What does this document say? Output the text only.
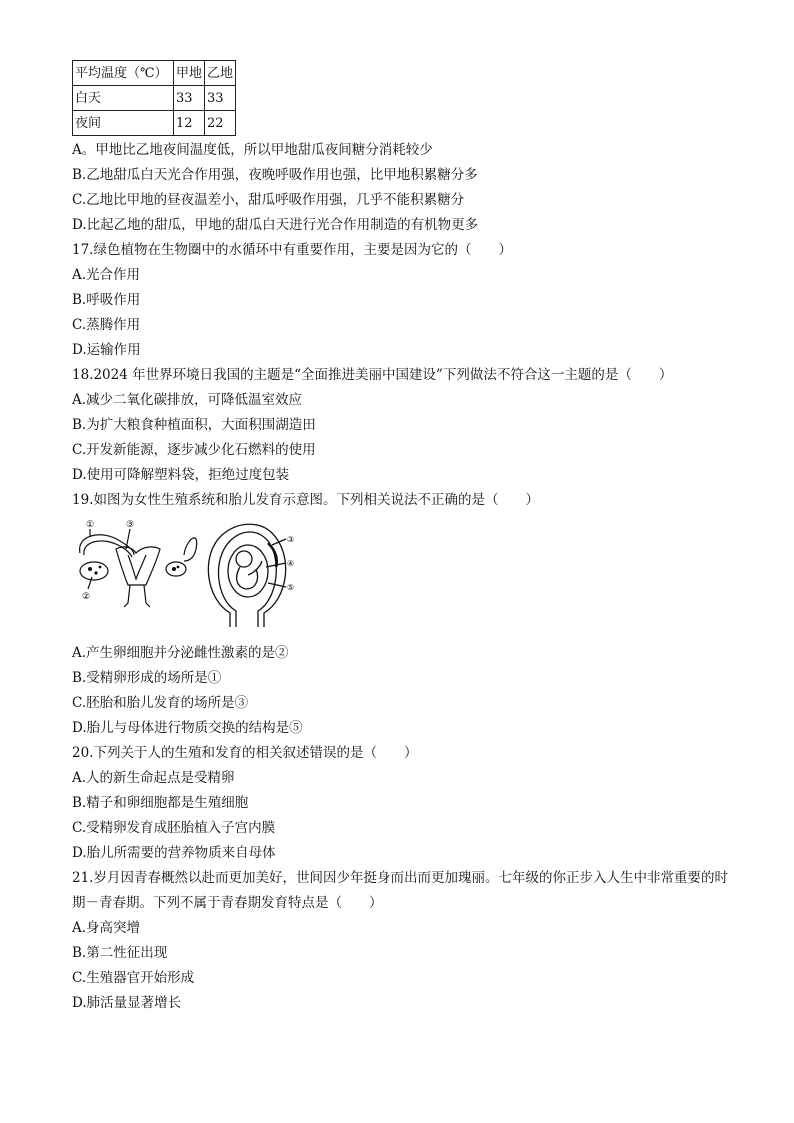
平均温度（℃）	甲地	乙地
白天	33	33
夜间	12	22
A。甲地比乙地夜间温度低，所以甲地甜瓜夜间糖分消耗较少
B.乙地甜瓜白天光合作用强，夜晚呼吸作用也强，比甲地积累糖分多
C.乙地比甲地的昼夜温差小，甜瓜呼吸作用强，几乎不能积累糖分
D.比起乙地的甜瓜，甲地的甜瓜白天进行光合作用制造的有机物更多
17.绿色植物在生物圈中的水循环中有重要作用，主要是因为它的（　　）
A.光合作用
B.呼吸作用
C.蒸腾作用
D.运输作用
18.2024 年世界环境日我国的主题是“全面推进美丽中国建设”下列做法不符合这一主题的是（　　）
A.减少二氧化碳排放，可降低温室效应
B.为扩大粮食种植面积，大面积围湖造田
C.开发新能源，逐步减少化石燃料的使用
D.使用可降解塑料袋，拒绝过度包装
19.如图为女性生殖系统和胎儿发育示意图。下列相关说法不正确的是（　　）
①	③
②
③
④
⑤
A.产生卵细胞并分泌雌性激素的是②
B.受精卵形成的场所是①
C.胚胎和胎儿发育的场所是③
D.胎儿与母体进行物质交换的结构是⑤
20.下列关于人的生殖和发育的相关叙述错误的是（　　）
A.人的新生命起点是受精卵
B.精子和卵细胞都是生殖细胞
C.受精卵发育成胚胎植入子宫内膜
D.胎儿所需要的营养物质来自母体
21.岁月因青春概然以赴而更加美好，世间因少年挺身而出而更加瑰丽。七年级的你正步入人生中非常重要的时期－青春期。下列不属于青春期发育特点是（　　）
A.身高突增
B.第二性征出现
C.生殖器官开始形成
D.肺活量显著增长
